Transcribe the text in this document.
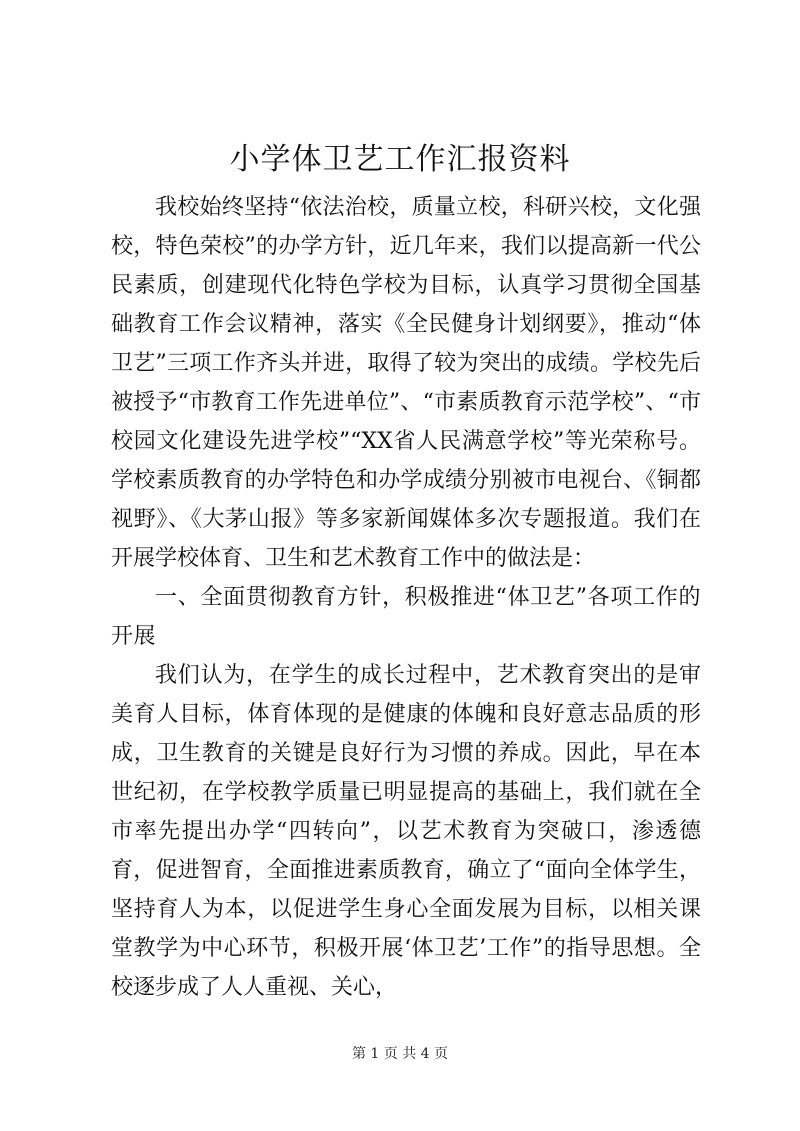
小学体卫艺工作汇报资料

我校始终坚持“依法治校，质量立校，科研兴校，文化强校，特色荣校”的办学方针，近几年来，我们以提高新一代公民素质，创建现代化特色学校为目标，认真学习贯彻全国基础教育工作会议精神，落实《全民健身计划纲要》，推动“体卫艺”三项工作齐头并进，取得了较为突出的成绩。学校先后被授予“市教育工作先进单位”、“市素质教育示范学校”、“市校园文化建设先进学校”“XX省人民满意学校”等光荣称号。学校素质教育的办学特色和办学成绩分别被市电视台、《铜都视野》、《大茅山报》等多家新闻媒体多次专题报道。我们在开展学校体育、卫生和艺术教育工作中的做法是：

一、全面贯彻教育方针，积极推进“体卫艺”各项工作的开展

我们认为，在学生的成长过程中，艺术教育突出的是审美育人目标，体育体现的是健康的体魄和良好意志品质的形成，卫生教育的关键是良好行为习惯的养成。因此，早在本世纪初，在学校教学质量已明显提高的基础上，我们就在全市率先提出办学“四转向”，以艺术教育为突破口，渗透德育，促进智育，全面推进素质教育，确立了“面向全体学生，坚持育人为本，以促进学生身心全面发展为目标，以相关课堂教学为中心环节，积极开展‘体卫艺’工作”的指导思想。全校逐步成了人人重视、关心，

第 1 页 共 4 页
